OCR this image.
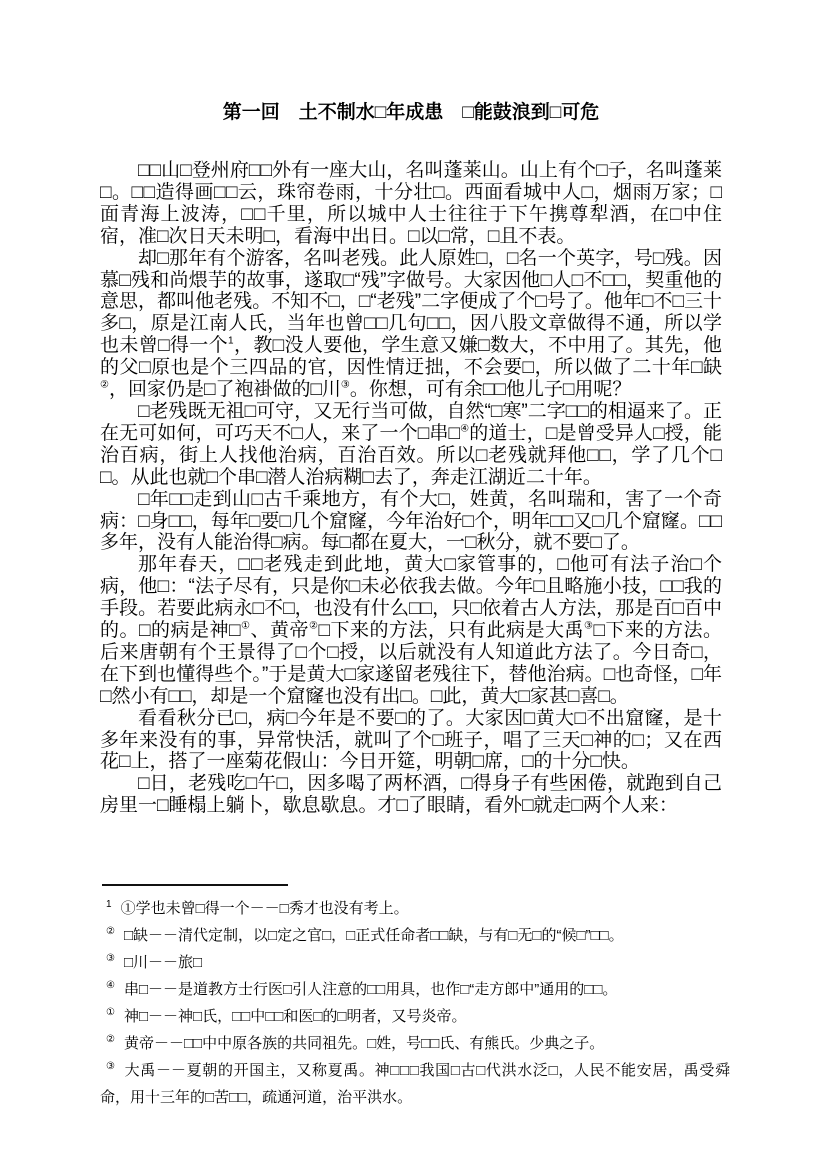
第一回　土不制水□年成患　□能鼓浪到□可危

□□山□登州府□□外有一座大山，名叫蓬莱山。山上有个□子，名叫蓬莱□。□□造得画□□云，珠帘卷雨，十分壮□。西面看城中人□，烟雨万家；□面青海上波涛，□□千里，所以城中人士往往于下午携尊犁酒，在□中住宿，准□次日天未明□，看海中出日。□以□常，□且不表。

却□那年有个游客，名叫老残。此人原姓□，□名一个英字，号□残。因慕□残和尚煨芋的故事，遂取□“残”字做号。大家因他□人□不□□，契重他的意思，都叫他老残。不知不□，□“老残”二字便成了个□号了。他年□不□三十多□，原是江南人氏，当年也曾□□几句□□，因八股文章做得不通，所以学也未曾□得一个$^1$，教□没人要他，学生意又嫌□数大，不中用了。其先，他的父□原也是个三四品的官，因性情迂拙，不会要□，所以做了二十年□缺②，回家仍是□了袍褂做的□川③。你想，可有余□□他儿子□用呢？

□老残既无祖□可守，又无行当可做，自然“□寒”二字□□的相逼来了。正在无可如何，可巧天不□人，来了一个□串□④的道士，□是曾受异人□授，能治百病，街上人找他治病，百治百效。所以□老残就拜他□□，学了几个□□。从此也就□个串□潜人治病糊□去了，奔走江湖近二十年。

□年□□走到山□古千乘地方，有个大□，姓黄，名叫瑞和，害了一个奇病：□身□□，每年□要□几个窟窿，今年治好□个，明年□□又□几个窟窿。□□多年，没有人能治得□病。每□都在夏大，一□秋分，就不要□了。

那年春天，□□老残走到此地，黄大□家管事的，□他可有法子治□个病，他□：“法子尽有，只是你□未必依我去做。今年□且略施小技，□□我的手段。若要此病永□不□，也没有什么□□，只□依着古人方法，那是百□百中的。□的病是神□①、黄帝②□下来的方法，只有此病是大禹③□下来的方法。后来唐朝有个王景得了□个□授，以后就没有人知道此方法了。今日奇□，在下到也懂得些个。”于是黄大□家遂留老残往下，替他治病。□也奇怪，□年□然小有□□，却是一个窟窿也没有出□。□此，黄大□家甚□喜□。

看看秋分已□，病□今年是不要□的了。大家因□黄大□不出窟窿，是十多年来没有的事，异常快活，就叫了个□班子，唱了三天□神的□；又在西花□上，搭了一座菊花假山：今日开筵，明朝□席，□的十分□快。

□日，老残吃□午□，因多喝了两杯酒，□得身子有些困倦，就跑到自己房里一□睡榻上躺卜，歇息歇息。才□了眼睛，看外□就走□两个人来：

$^1$ ①学也未曾□得一个－－□秀才也没有考上。

② □缺－－清代定制，以□定之官□，□正式任命者□□缺，与有□无□的“候□”□□。

③ □川－－旅□

④ 串□－－是道教方士行医□引人注意的□□用具，也作□“走方郎中”通用的□□。

① 神□－－神□氏，□□中□□和医□的□明者，又号炎帝。

② 黄帝－－□□中中原各族的共同祖先。□姓，号□□氏、有熊氏。少典之子。

③ 大禹－－夏朝的开国主，又称夏禹。神□□□我国□古□代洪水泛□，人民不能安居，禹受舜命，用十三年的□苦□□，疏通河道，治平洪水。
